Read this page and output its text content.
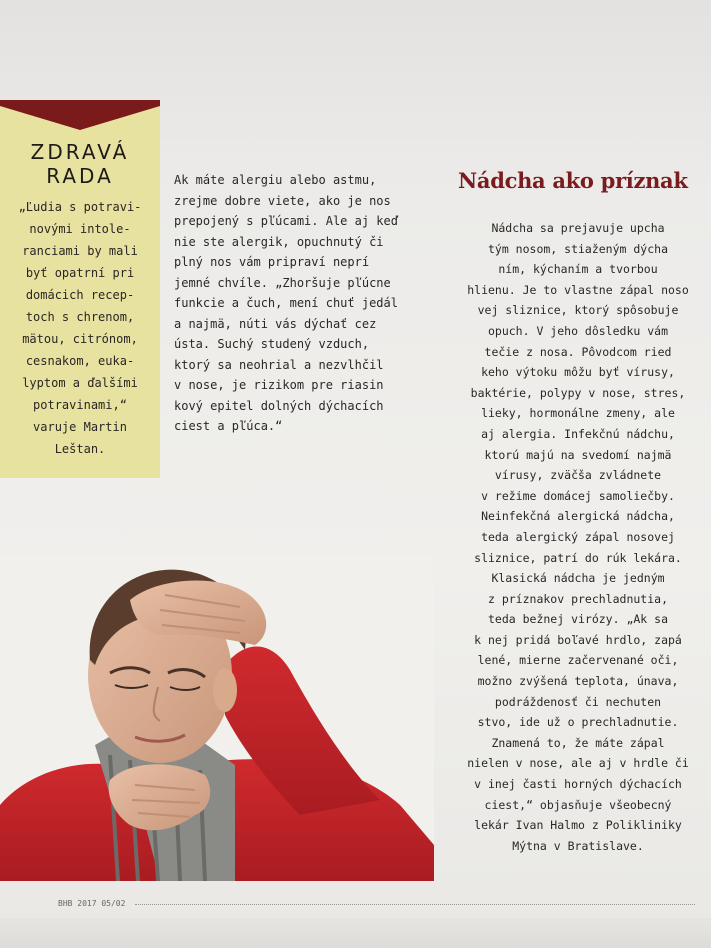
ZDRAVÁ
RADA
„Ľudia s potravi-
novými intole-
ranciami by mali
byť opatrní pri
domácich recep-
toch s chrenom,
mätou, citrónom,
cesnakom, euka-
lyptom a ďalšími
potravinami,“
varuje Martin
Leštan.
Ak máte alergiu alebo astmu,
zrejme dobre viete, ako je nos
prepojený s pľúcami. Ale aj keď
nie ste alergik, opuchnutý či
plný nos vám pripraví neprí
jemné chvíle. „Zhoršuje pľúcne
funkcie a čuch, mení chuť jedál
a najmä, núti vás dýchať cez
ústa. Suchý studený vzduch,
ktorý sa neohrial a nezvlhčil
v nose, je rizikom pre riasin
kový epitel dolných dýchacích
ciest a pľúca.“
Nádcha ako príznak
Nádcha sa prejavuje upcha
tým nosom, stiaženým dýcha
ním, kýchaním a tvorbou
hlienu. Je to vlastne zápal noso
vej sliznice, ktorý spôsobuje
opuch. V jeho dôsledku vám
tečie z nosa. Pôvodcom ried
keho výtoku môžu byť vírusy,
baktérie, polypy v nose, stres,
lieky, hormonálne zmeny, ale
aj alergia. Infekčnú nádchu,
ktorú majú na svedomí najmä
vírusy, zväčša zvládnete
v režime domácej samoliečby.
Neinfekčná alergická nádcha,
teda alergický zápal nosovej
sliznice, patrí do rúk lekára.
Klasická nádcha je jedným
z príznakov prechladnutia,
teda bežnej virózy. „Ak sa
k nej pridá boľavé hrdlo, zapá
lené, mierne začervenané oči,
možno zvýšená teplota, únava,
podráždenosť či nechuten
stvo, ide už o prechladnutie.
Znamená to, že máte zápal
nielen v nose, ale aj v hrdle či
v inej časti horných dýchacích
ciest,“ objasňuje všeobecný
lekár Ivan Halmo z Polikliniky
Mýtna v Bratislave.
BHB 2017 05/02
